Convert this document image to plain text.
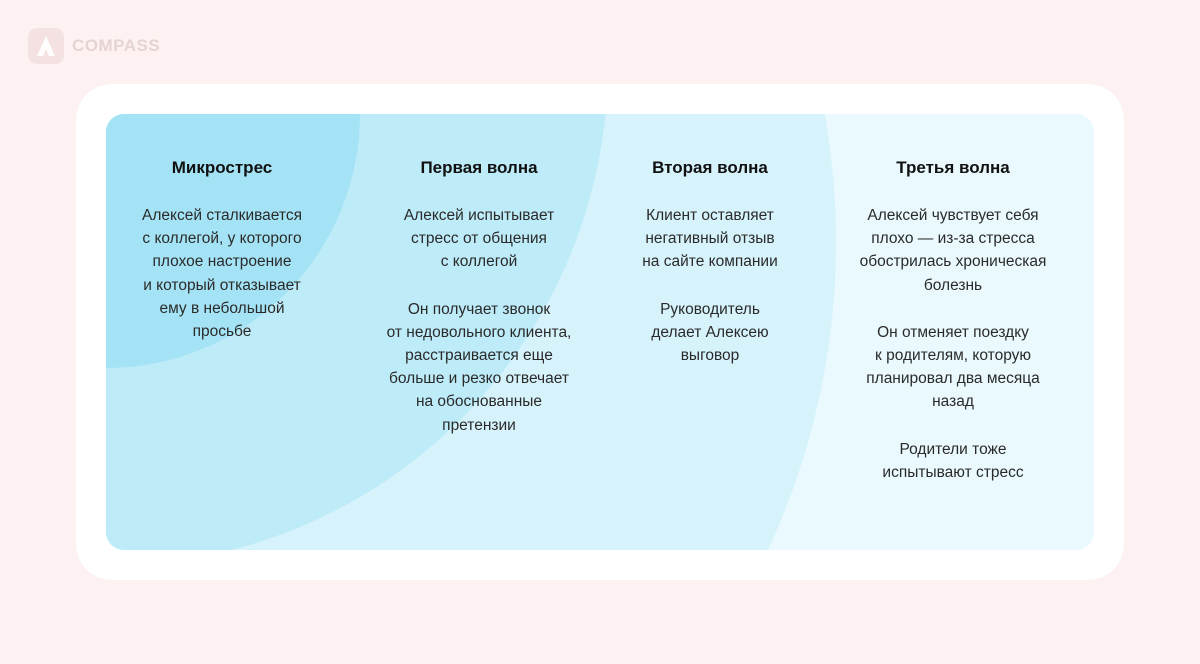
COMPASS
Микрострес
Алексей сталкивается
с коллегой, у которого
плохое настроение
и который отказывает
ему в небольшой
просьбе
Первая волна
Алексей испытывает
стресс от общения
с коллегой
Он получает звонок
от недовольного клиента,
расстраивается еще
больше и резко отвечает
на обоснованные
претензии
Вторая волна
Клиент оставляет
негативный отзыв
на сайте компании
Руководитель
делает Алексею
выговор
Третья волна
Алексей чувствует себя
плохо — из-за стресса
обострилась хроническая
болезнь
Он отменяет поездку
к родителям, которую
планировал два месяца
назад
Родители тоже
испытывают стресс
